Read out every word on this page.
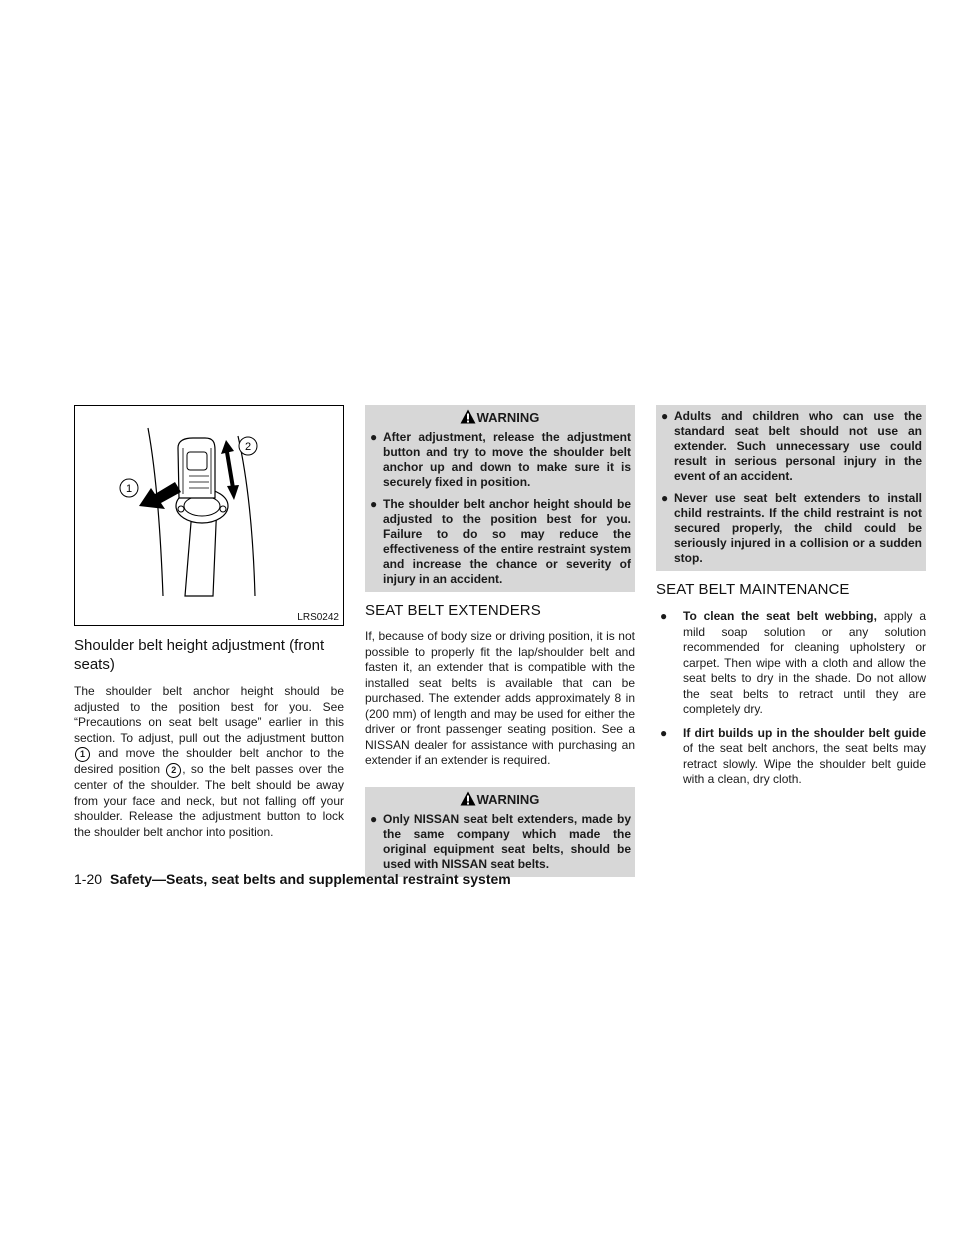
1
2
LRS0242
Shoulder belt height adjustment (front seats)

The shoulder belt anchor height should be adjusted to the position best for you. See “Precautions on seat belt usage” earlier in this section. To adjust, pull out the adjustment button 1 and move the shoulder belt anchor to the desired position 2 , so the belt passes over the center of the shoulder. The belt should be away from your face and neck, but not falling off your shoulder. Release the adjustment button to lock the shoulder belt anchor into position.

WARNING
● After adjustment, release the adjustment button and try to move the shoulder belt anchor up and down to make sure it is securely fixed in position.
● The shoulder belt anchor height should be adjusted to the position best for you. Failure to do so may reduce the effectiveness of the entire restraint system and increase the chance or severity of injury in an accident.
SEAT BELT EXTENDERS

If, because of body size or driving position, it is not possible to properly fit the lap/shoulder belt and fasten it, an extender that is compatible with the installed seat belts is available that can be purchased. The extender adds approximately 8 in (200 mm) of length and may be used for either the driver or front passenger seating position. See a NISSAN dealer for assistance with purchasing an extender if an extender is required.

WARNING
● Only NISSAN seat belt extenders, made by the same company which made the original equipment seat belts, should be used with NISSAN seat belts.
● Adults and children who can use the standard seat belt should not use an extender. Such unnecessary use could result in serious personal injury in the event of an accident.
● Never use seat belt extenders to install child restraints. If the child restraint is not secured properly, the child could be seriously injured in a collision or a sudden stop.
SEAT BELT MAINTENANCE
● To clean the seat belt webbing, apply a mild soap solution or any solution recommended for cleaning upholstery or carpet. Then wipe with a cloth and allow the seat belts to dry in the shade. Do not allow the seat belts to retract until they are completely dry.
● If dirt builds up in the shoulder belt guide of the seat belt anchors, the seat belts may retract slowly. Wipe the shoulder belt guide with a clean, dry cloth.
1-20 Safety—Seats, seat belts and supplemental restraint system
